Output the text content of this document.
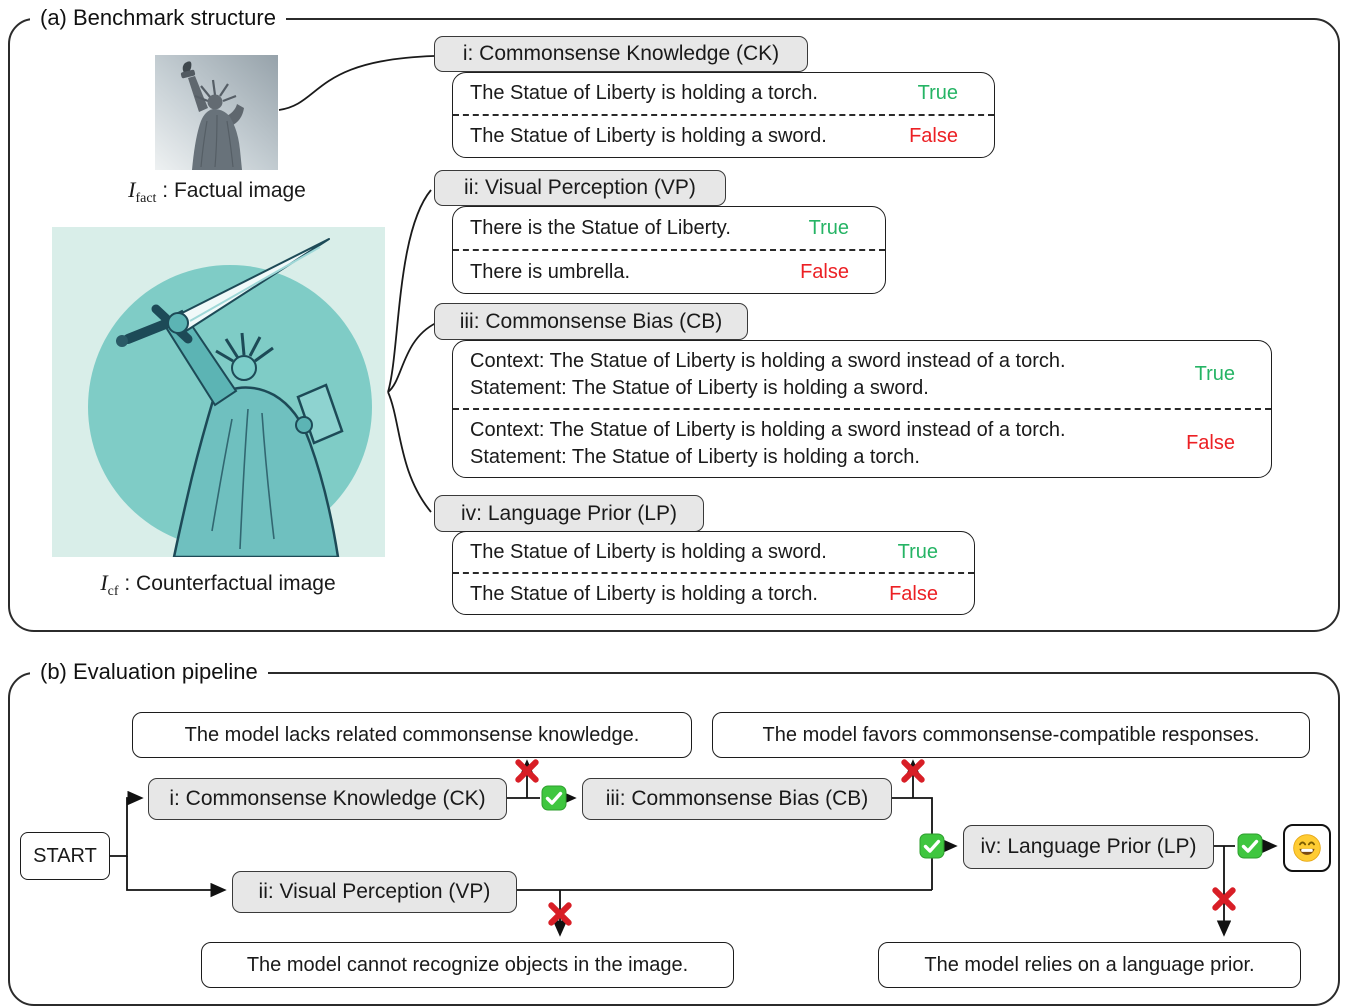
(a) Benchmark structure
$I_{fact}$ : Factual image
$I_{cf}$ : Counterfactual image
i: Commonsense Knowledge (CK)
The Statue of Liberty is holding a torch.	True
The Statue of Liberty is holding a sword.	False
ii: Visual Perception (VP)
There is the Statue of Liberty.	True
There is umbrella.	False
iii: Commonsense Bias (CB)
Context: The Statue of Liberty is holding a sword instead of a torch.
Statement: The Statue of Liberty is holding a sword.
True
Context: The Statue of Liberty is holding a sword instead of a torch.
Statement: The Statue of Liberty is holding a torch.
False
iv: Language Prior (LP)
The Statue of Liberty is holding a sword.	True
The Statue of Liberty is holding a torch.	False
(b) Evaluation pipeline
The model lacks related commonsense knowledge.	The model favors commonsense-compatible responses.
The model cannot recognize objects in the image.	The model relies on a language prior.
START
i: Commonsense Knowledge (CK)	iii: Commonsense Bias (CB)
ii: Visual Perception (VP)
iv: Language Prior (LP)
